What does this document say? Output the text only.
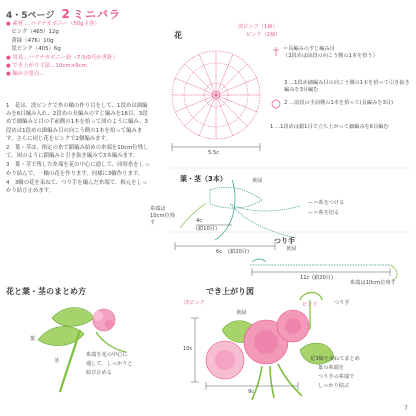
4・5ページ 2 ミニバラ
● 素材 …ハマナカボニー（50g玉巻）
　ピンク（465）12g
　黄緑（476）10g
　淡ピンク（405）6g
● 用具…ハマナカボニー針（7.5/0号かぎ針）
● でき上がり寸法…10cm×9cm
● 編み方要点…

1　花は、淡ピンクで糸の輪の作り目をして、1段めは細編みを6目編み入れ、2段めの長編みのすじ編みを18目、3段めで細編みと目の手前側の1本を拾って図のように編み、3段めは1段めの細編み目の向こう側の1本を拾って編みます。さらに同じ花をピンクで2個編みます。

2　葉・茎は、指定の糸で鎖編み始めの糸端を10cm位残して、図のように鎖編みと引き抜き編みで3本編みます。

3　葉・茎で残した糸端を花の中心に通して、同時糸をしっかり結んで、一輪の花を作ります。同様に3輪作ります。

4　3輪の花を束ねて、つり手を編んだ糸端で、根元をしっかり結び止めます。

花
淡ピンク（1個）
ピンク（2個）
5.5c
＝長編みのすじ編み目
（2段めは前段の向こう側の1本を拾う）
3 …1段め細編み目の向こう側の1本を拾って引き抜き編みを3目編む
2 …前段の手前側の1本を拾って(長編みを3目)
1 …1段めは鎖1目で立ち上がって細編みを6目編む
葉・茎（3本）	黄緑
4c
(鎖10目)
6c (鎖20目)
糸端は10cm位残す
ー＝糸をつける
ー＝糸を切る
つり手
黄緑
11c (鎖20目)
糸端は10cm位残す
花と葉・茎のまとめ方
葉
茎
糸端を花の中心に
通して、しっかりと
結び止める
でき上がり図
淡ピンク	ピンク
黄緑
つり手
10c
9c
花3輪を束ねてまとめ
葉の糸端を
つり手の糸端で
しっかり結ぶ
7
